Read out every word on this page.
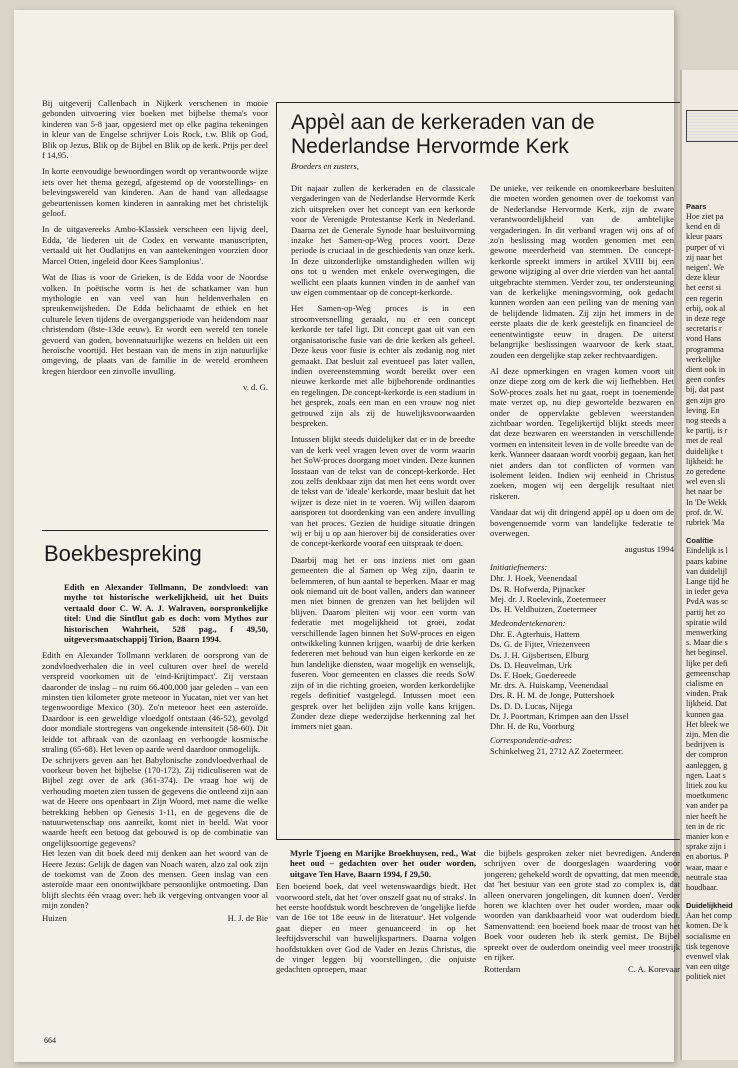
Bij uitgeverij Callenbach in Nijkerk verschenen in mooie gebonden uitvoering vier boeken met bijbelse thema's voor kinderen van 5-8 jaar, opgesierd met op elke pagina tekeningen in kleur van de Engelse schrijver Lois Rock, t.w. Blik op God, Blik op Jezus, Blik op de Bijbel en Blik op de kerk. Prijs per deel f 14,95.

In korte eenvoudige bewoordingen wordt op verantwoorde wijze iets over het thema gezegd, afgestemd op de voorstellings- en belevingswereld van kinderen. Aan de hand van alledaagse gebeurtenissen komen kinderen in aanraking met het christelijk geloof.

In de uitgavereeks Ambo-Klassiek verscheen een lijvig deel, Edda, 'de liederen uit de Codex en verwante manuscripten, vertaald uit het Oudlatijns en van aantekeningen voorzien door Marcel Otten, ingeleid door Kees Samplonius'.

Wat de Ilias is voor de Grieken, is de Edda voor de Noordse volken. In poëtische vorm is het de schatkamer van hun mythologie en van veel van hun heldenverhalen en spreukenwijsheden. De Edda belichaamt de ethiek en het culturele leven tijdens de overgangsperiode van heidendom naar christendom (8ste-13de eeuw). Er wordt een wereld ten tonele gevoerd van goden, bovennatuurlijke wezens en helden uit een heroïsche voortijd. Het bestaan van de mens in zijn natuurlijke omgeving, de plaats van de familie in de wereld eromheen kregen hierdoor een zinvolle invulling.

v. d. G.

Boekbespreking

Edith en Alexander Tollmann, De zondvloed: van mythe tot historische werkelijkheid, uit het Duits vertaald door C. W. A. J. Walraven, oorspronkelijke titel: Und die Sintflut gab es doch: vom Mythos zur historischen Wahrheit, 528 pag., f 49,50, uitgeversmaatschappij Tirion, Baarn 1994.

Edith en Alexander Tollmann verklaren de oorsprong van de zondvloedverhalen die in veel culturen over heel de wereld verspreid voorkomen uit de 'eind-Krijtimpact'. Zij verstaan daaronder de inslag – nu ruim 66.400.000 jaar geleden – van een minsten tien kilometer grote meteoor in Yucatan, niet ver van het tegenwoordige Mexico (30). Zo'n meteoor heet een asteroïde. Daardoor is een geweldige vloedgolf ontstaan (46-52), gevolgd door mondiale stortregens van ongekende intensiteit (58-60). Dit leidde tot afbraak van de ozonlaag en verhoogde kosmische straling (65-68). Het leven op aarde werd daardoor onmogelijk.

De schrijvers geven aan het Babylonische zondvloedverhaal de voorkeur boven het bijbelse (170-172). Zij ridiculiseren wat de Bijbel zegt over de ark (361-374). De vraag hoe wij de verhouding moeten zien tussen de gegevens die ontleend zijn aan wat de Heere ons openbaart in Zijn Woord, met name die welke betrekking hebben op Genesis 1-11, en de gegevens die de natuurwetenschap ons aanreikt, komt niet in beeld. Wat voor waarde heeft een betoog dat gebouwd is op de combinatie van ongelijksoortige gegevens?

Het lezen van dit boek deed mij denken aan het woord van de Heere Jezus: Gelijk de dagen van Noach waren, alzo zal ook zijn de toekomst van de Zoon des mensen. Geen inslag van een asteroïde maar een onontwijkbare persoonlijke ontmoeting. Dan blijft slechts één vraag over: heb ik vergeving ontvangen voor al mijn zonden?

Huizen	H. J. de Bie
Appèl aan de kerkeraden van de Nederlandse Hervormde Kerk
Broeders en zusters,

Dit najaar zullen de kerkeraden en de classicale vergaderingen van de Nederlandse Hervormde Kerk zich uitspreken over het concept van een kerkorde voor de Verenigde Protestantse Kerk in Nederland. Daarna zet de Generale Synode haar besluitvorming inzake het Samen-op-Weg proces voort. Deze periode is cruciaal in de geschiedenis van onze kerk. In deze uitzonderlijke omstandigheden willen wij ons tot u wenden met enkele overwegingen, die wellicht een plaats kunnen vinden in de aanhef van uw eigen commentaar op de concept-kerkorde.

Het Samen-op-Weg proces is in een stroomversnelling geraakt, nu er een concept kerkorde ter tafel ligt. Dit concept gaat uit van een organisatorische fusie van de drie kerken als geheel. Deze keus voor fusie is echter als zodanig nog niet gemaakt. Dat besluit zal eventueel pas later vallen, indien overeenstemming wordt bereikt over een nieuwe kerkorde met alle bijbehorende ordinanties en regelingen. De concept-kerkorde is een stadium in het gesprek, zoals een man en een vrouw nog niet getrouwd zijn als zij de huwelijksvoorwaarden bespreken.

Intussen blijkt steeds duidelijker dat er in de breedte van de kerk veel vragen leven over de vorm waarin het SoW-proces doorgang moet vinden. Deze kunnen losstaan van de tekst van de concept-kerkorde. Het zou zelfs denkbaar zijn dat men het eens wordt over de tekst van de 'ideale' kerkorde, maar besluit dat het wijzer is deze niet in te voeren. Wij willen daarom aansporen tot doordenking van een andere invulling van het proces. Gezien de huidige situatie dringen wij er bij u op aan hierover bij de consideraties over de concept-kerkorde vooraf een uitspraak te doen.

Daarbij mag het er ons inziens niet om gaan gemeenten die al Samen op Weg zijn, daarin te belemmeren, of hun aantal te beperken. Maar er mag ook niemand uit de boot vallen, anders dan wanneer men niet binnen de grenzen van het belijden wil blijven. Daarom pleiten wij voor een vorm van federatie met mogelijkheid tot groei, zodat verschillende lagen binnen het SoW-proces en eigen ontwikkeling kunnen krijgen, waarbij de drie kerken federeren met behoud van hun eigen kerkorde en ze hun landelijke diensten, waar mogelijk en wenselijk, fuseren. Voor gemeenten en classes die reeds SoW zijn of in die richting groeien, worden kerkordelijke regels definitief vastgelegd. Intussen moet een gesprek over het belijden zijn volle kans krijgen. Zonder deze diepe wederzijdse herkenning zal het immers niet gaan.

De unieke, ver reikende en onomkeerbare besluiten die moeten worden genomen over de toekomst van de Nederlandse Hervormde Kerk, zijn de zware verantwoordelijkheid van de ambtelijke vergaderingen. In dit verband vragen wij ons af of zo'n beslissing mag worden genomen met een gewone meerderheid van stemmen. De concept-kerkorde spreekt immers in artikel XVIII bij een gewone wijziging al over drie vierden van het aantal uitgebrachte stemmen. Verder zou, ter ondersteuning van de kerkelijke meningsvorming, ook gedacht kunnen worden aan een peiling van de mening van de belijdende lidmaten. Zij zijn het immers in de eerste plaats die de kerk geestelijk en financieel de eenentwintigste eeuw in dragen. De uiterst belangrijke beslissingen waarvoor de kerk staat, zouden een dergelijke stap zeker rechtvaardigen.

Al deze opmerkingen en vragen komen voort uit onze diepe zorg om de kerk die wij liefhebben. Het SoW-proces zoals het nu gaat, roept in toenemende mate verzet op, nu diep gewortelde bezwaren en onder de oppervlakte gebleven weerstanden zichtbaar worden. Tegelijkertijd blijkt steeds meer dat deze bezwaren en weerstanden in verschillende vormen en intensiteit leven in de volle breedte van de kerk. Wanneer daaraan wordt voorbij gegaan, kan het niet anders dan tot conflicten of vormen van isolement leiden. Indien wij eenheid in Christus zoeken, mogen wij een dergelijk resultaat niet riskeren.

Vandaar dat wij dit dringend appèl op u doen om de bovengenoemde vorm van landelijke federatie te overwegen.

augustus 1994
Initiatiefnemers:
Dhr. J. Hoek, Veenendaal
Ds. R. Hofwerda, Pijnacker
Mej. dr. J. Roelevink, Zoetermeer
Ds. H. Veldhuizen, Zoetermeer
Medeondertekenaren:
Dhr. E. Agterhuis, Hattem
Ds. G. de Fijter, Vriezenveen
Ds. J. H. Gijsbertsen, Elburg
Ds. D. Heuvelman, Urk
Ds. F. Hoek, Goedereede
Mr. drs. A. Huiskamp, Veenendaal
Drs. R. H. M. de Jonge, Puttershoek
Ds. D. D. Lucas, Nijega
Dr. J. Poortman, Krimpen aan den IJssel
Dhr. H. de Ru, Voorburg
Correspondentie-adres:
Schinkelweg 21, 2712 AZ Zoetermeer.

Myrle Tjoeng en Marijke Broekhuysen, red., Wat heet oud – gedachten over het ouder worden, uitgave Ten Have, Baarn 1994, f 29,50.

Een boeiend boek, dat veel wetenswaardigs biedt. Het voorwoord stelt, dat het 'over onszelf gaat nu of straks'. In het eerste hoofdstuk wordt beschreven de 'ongelijke liefde van de 16e tot 18e eeuw in de literatuur'. Het volgende gaat dieper en meer genuanceerd in op het leeftijdsverschil van huwelijkspartners. Daarna volgen hoofdstukken over God de Vader en Jezus Christus, die de vinger leggen bij voorstellingen, die onjuiste gedachten oproepen, maar

die bijbels gesproken zeker niet bevredigen. Anderen schrijven over de doorgeslagen waardering voor jongeren; gehekeld wordt de opvatting, dat men meende, dat 'het bestuur van een grote stad zo complex is, dat alleen onervaren jongelingen, dit kunnen doen'. Verder horen we klachten over het ouder worden, maar ook woorden van dankbaarheid voor wat ouderdom biedt. Samenvattend: een boeiend boek maar de troost van het Boek voor ouderen heb ik sterk gemist. De Bijbel spreekt over de ouderdom oneindig veel meer troostrijk en rijker.

Rotterdam	C. A. Korevaar
664
Paars
Hoe ziet pa
kend en di
kleur paars
purper of vi
zij naar het
neigen'. We
deze kleur
het eerst si
een regerin
erbij, ook al
in deze rege
secretaris r
vond Hans
programma
werkelijke
dient ook in
geen confes
bij, dat past
gen zijn gro
leving. En
nog steeds a
ke partij, is r
met de real
duidelijke t
lijkheid: he
zo geredene
wel even sli
het naar be
In 'De Wekk
prof. dr. W.
rubriek 'Ma
Coalitie
Eindelijk is l
paars kabine
van duidelijl
Lange tijd he
in ieder geva
PvdA was sc
partij het zo
spiratie wild
menwerking
s. Maar die s
het beginsel.
lijke per defi
gemeenschap
cialisme en
vinden. Prak
lijkheid. Dat
kunnen gaa
Het bleek we
zijn. Men die
bedrijven is
der compron
aanleggen, g
ngen. Laat s
litiek zou ku
moetkomenc
van ander pa
nier heeft he
ten in de ric
manier kon e
sprake zijn i
en abortus. P
waar, maar e
neutrale staa
houdbaar.
Duidelijkheid
Aan het comp
komen. De k
socialisme en
tisk tegenove
evenwel vlak
van een uitge
politiek niet
